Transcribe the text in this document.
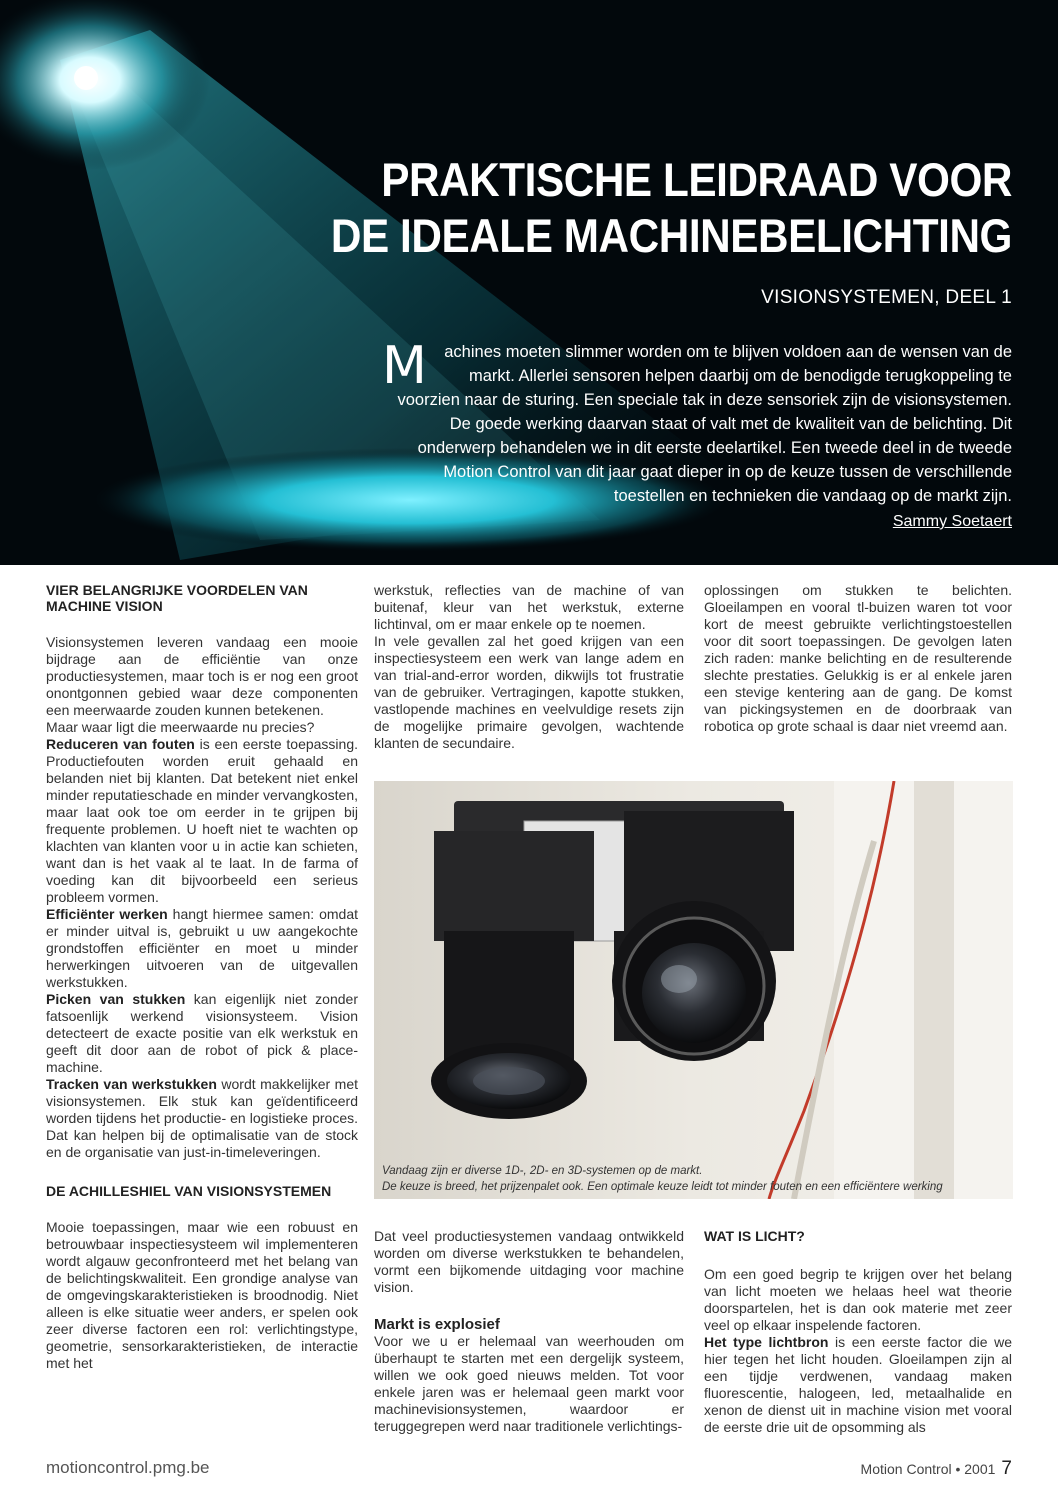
PRAKTISCHE LEIDRAAD VOOR
DE IDEALE MACHINEBELICHTING
VISIONSYSTEMEN, DEEL 1
M achines moeten slimmer worden om te blijven voldoen aan de wensen van de markt. Allerlei sensoren helpen daarbij om de benodigde terugkoppeling te voorzien naar de sturing. Een speciale tak in deze sensoriek zijn de visionsystemen. De goede werking daarvan staat of valt met de kwaliteit van de belichting. Dit onderwerp behandelen we in dit eerste deelartikel. Een tweede deel in de tweede Motion Control van dit jaar gaat dieper in op de keuze tussen de verschillende toestellen en technieken die vandaag op de markt zijn.
Sammy Soetaert

VIER BELANGRIJKE VOORDELEN VAN MACHINE VISION

Visionsystemen leveren vandaag een mooie bijdrage aan de efficiëntie van onze productiesystemen, maar toch is er nog een groot onontgonnen gebied waar deze componenten een meerwaarde zouden kunnen betekenen.

Maar waar ligt die meerwaarde nu precies?

Reduceren van fouten is een eerste toepassing. Productiefouten worden eruit gehaald en belanden niet bij klanten. Dat betekent niet enkel minder reputatieschade en minder vervangkosten, maar laat ook toe om eerder in te grijpen bij frequente problemen. U hoeft niet te wachten op klachten van klanten voor u in actie kan schieten, want dan is het vaak al te laat. In de farma of voeding kan dit bijvoorbeeld een serieus probleem vormen.

Efficiënter werken hangt hiermee samen: omdat er minder uitval is, gebruikt u uw aangekochte grondstoffen efficiënter en moet u minder herwerkingen uitvoeren van de uitgevallen werkstukken.

Picken van stukken kan eigenlijk niet zonder fatsoenlijk werkend visionsysteem. Vision detecteert de exacte positie van elk werkstuk en geeft dit door aan de robot of pick & place-machine.

Tracken van werkstukken wordt makkelijker met visionsystemen. Elk stuk kan geïdentificeerd worden tijdens het productie- en logistieke proces. Dat kan helpen bij de optimalisatie van de stock en de organisatie van just-in-timeleveringen.

DE ACHILLESHIEL VAN VISIONSYSTEMEN

Mooie toepassingen, maar wie een robuust en betrouwbaar inspectiesysteem wil implementeren wordt algauw geconfronteerd met het belang van de belichtingskwaliteit. Een grondige analyse van de omgevingskarakteristieken is broodnodig. Niet alleen is elke situatie weer anders, er spelen ook zeer diverse factoren een rol: verlichtingstype, geometrie, sensorkarakteristieken, de interactie met het

werkstuk, reflecties van de machine of van buitenaf, kleur van het werkstuk, externe lichtinval, om er maar enkele op te noemen.

In vele gevallen zal het goed krijgen van een inspectiesysteem een werk van lange adem en van trial-and-error worden, dikwijls tot frustratie van de gebruiker. Vertragingen, kapotte stukken, vastlopende machines en veelvuldige resets zijn de mogelijke primaire gevolgen, wachtende klanten de secundaire.

oplossingen om stukken te belichten. Gloeilampen en vooral tl-buizen waren tot voor kort de meest gebruikte verlichtingstoestellen voor dit soort toepassingen. De gevolgen laten zich raden: manke belichting en de resulterende slechte prestaties. Gelukkig is er al enkele jaren een stevige kentering aan de gang. De komst van pickingsystemen en de doorbraak van robotica op grote schaal is daar niet vreemd aan.

Vandaag zijn er diverse 1D-, 2D- en 3D-systemen op de markt.
De keuze is breed, het prijzenpalet ook. Een optimale keuze leidt tot minder fouten en een efficiëntere werking

Dat veel productiesystemen vandaag ontwikkeld worden om diverse werkstukken te behandelen, vormt een bijkomende uitdaging voor machine vision.

Markt is explosief

Voor we u er helemaal van weerhouden om überhaupt te starten met een dergelijk systeem, willen we ook goed nieuws melden. Tot voor enkele jaren was er helemaal geen markt voor machinevisionsystemen, waardoor er teruggegrepen werd naar traditionele verlichtings-

WAT IS LICHT?

Om een goed begrip te krijgen over het belang van licht moeten we helaas heel wat theorie doorspartelen, het is dan ook materie met zeer veel op elkaar inspelende factoren.

Het type lichtbron is een eerste factor die we hier tegen het licht houden. Gloeilampen zijn al een tijdje verdwenen, vandaag maken fluorescentie, halogeen, led, metaalhalide en xenon de dienst uit in machine vision met vooral de eerste drie uit de opsomming als

motioncontrol.pmg.be	Motion Control • 2001 7
